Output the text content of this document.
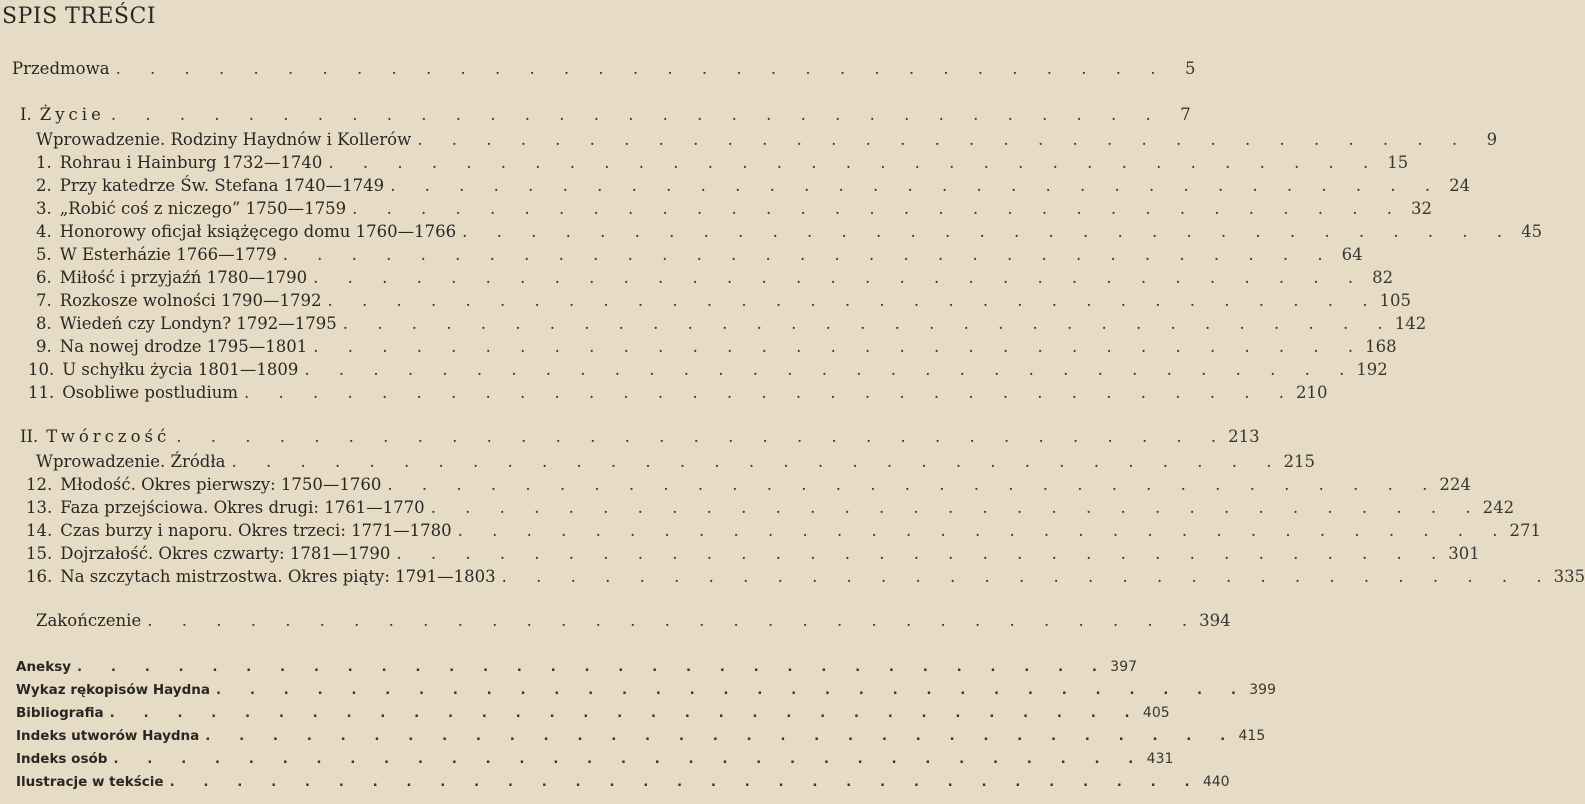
SPIS TREŚCI
Przedmowa . . . . . . . . . . . . . . . . . . . . . . . . . . . . . . .	5
I. Życie . . . . . . . . . . . . . . . . . . . . . . . . . . . . . . .	7
Wprowadzenie. Rodziny Haydnów i Kollerów . . . . . . . . . . . . . . . . . . . . . . . . . . . . . . .	9
1. Rohrau i Hainburg 1732—1740 . . . . . . . . . . . . . . . . . . . . . . . . . . . . . . . 15
2. Przy katedrze Św. Stefana 1740—1749 . . . . . . . . . . . . . . . . . . . . . . . . . . . . . . . 24
3. „Robić coś z niczego” 1750—1759 . . . . . . . . . . . . . . . . . . . . . . . . . . . . . . . 32
4. Honorowy oficjał książęcego domu 1760—1766 . . . . . . . . . . . . . . . . . . . . . . . . . . . . . . . 45
5. W Esterházie 1766—1779 . . . . . . . . . . . . . . . . . . . . . . . . . . . . . . . 64
6. Miłość i przyjaźń 1780—1790 . . . . . . . . . . . . . . . . . . . . . . . . . . . . . . . 82
7. Rozkosze wolności 1790—1792 . . . . . . . . . . . . . . . . . . . . . . . . . . . . . . . 105
8. Wiedeń czy Londyn? 1792—1795 . . . . . . . . . . . . . . . . . . . . . . . . . . . . . . . 142
9. Na nowej drodze 1795—1801 . . . . . . . . . . . . . . . . . . . . . . . . . . . . . . . 168
10. U schyłku życia 1801—1809 . . . . . . . . . . . . . . . . . . . . . . . . . . . . . . . 192
11. Osobliwe postludium . . . . . . . . . . . . . . . . . . . . . . . . . . . . . . . 210
II. Twórczość . . . . . . . . . . . . . . . . . . . . . . . . . . . . . . . 213
Wprowadzenie. Źródła . . . . . . . . . . . . . . . . . . . . . . . . . . . . . . . 215
12. Młodość. Okres pierwszy: 1750—1760 . . . . . . . . . . . . . . . . . . . . . . . . . . . . . . . 224
13. Faza przejściowa. Okres drugi: 1761—1770 . . . . . . . . . . . . . . . . . . . . . . . . . . . . . . . 242
14. Czas burzy i naporu. Okres trzeci: 1771—1780 . . . . . . . . . . . . . . . . . . . . . . . . . . . . . . . 271
15. Dojrzałość. Okres czwarty: 1781—1790 . . . . . . . . . . . . . . . . . . . . . . . . . . . . . . . 301
16. Na szczytach mistrzostwa. Okres piąty: 1791—1803 . . . . . . . . . . . . . . . . . . . . . . . . . . . . . . . 335
Zakończenie . . . . . . . . . . . . . . . . . . . . . . . . . . . . . . . 394
Aneksy . . . . . . . . . . . . . . . . . . . . . . . . . . . . . . . 397
Wykaz rękopisów Haydna . . . . . . . . . . . . . . . . . . . . . . . . . . . . . . . 399
Bibliografia . . . . . . . . . . . . . . . . . . . . . . . . . . . . . . . 405
Indeks utworów Haydna . . . . . . . . . . . . . . . . . . . . . . . . . . . . . . . 415
Indeks osób . . . . . . . . . . . . . . . . . . . . . . . . . . . . . . . 431
Ilustracje w tekście . . . . . . . . . . . . . . . . . . . . . . . . . . . . . . . 440
